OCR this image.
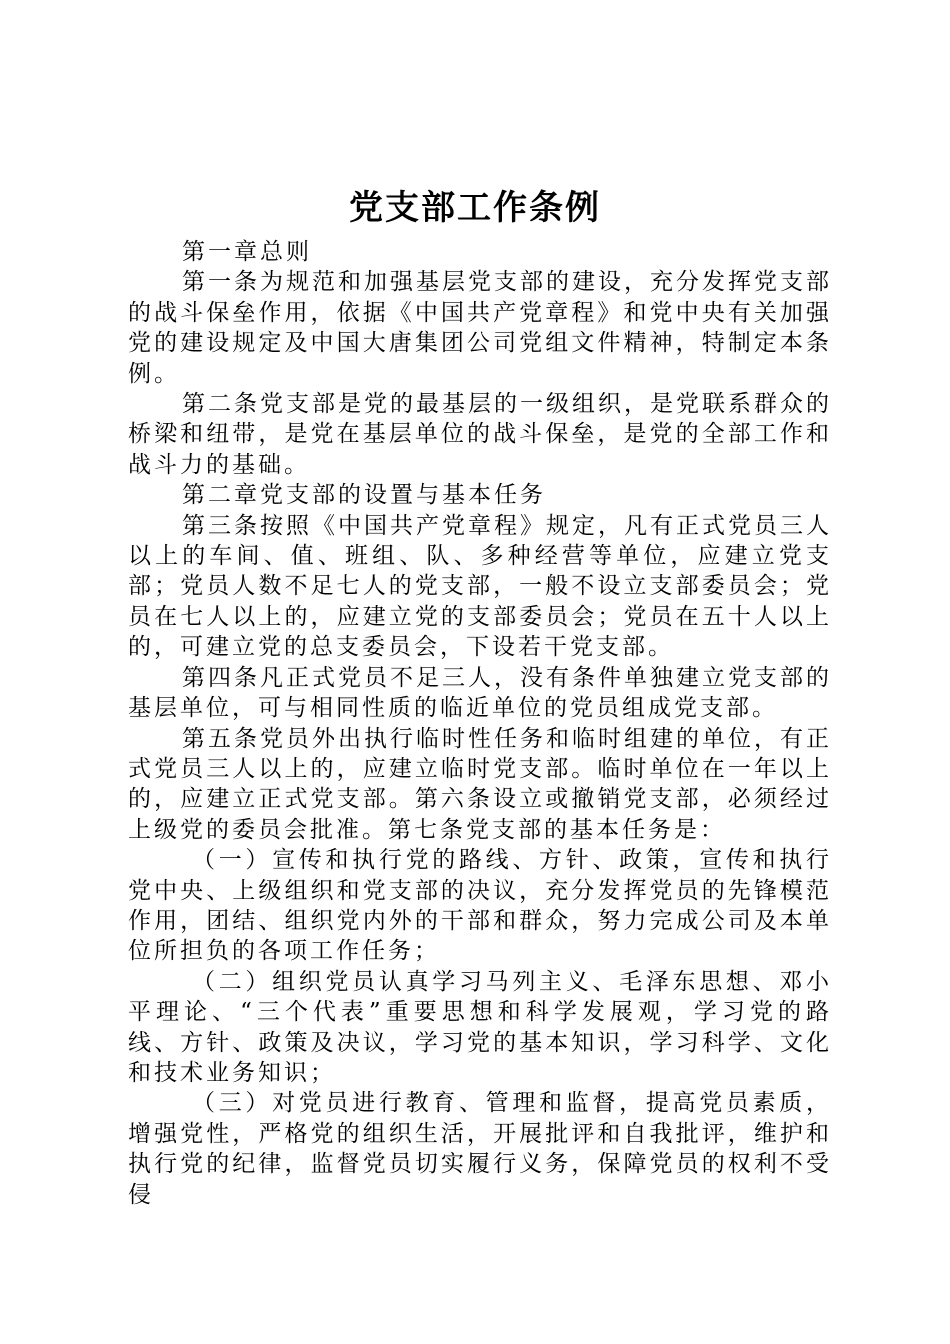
党支部工作条例

第一章总则

第一条为规范和加强基层党支部的建设，充分发挥党支部的战斗保垒作用，依据《中国共产党章程》和党中央有关加强党的建设规定及中国大唐集团公司党组文件精神，特制定本条例。

第二条党支部是党的最基层的一级组织，是党联系群众的桥梁和纽带，是党在基层单位的战斗保垒，是党的全部工作和战斗力的基础。

第二章党支部的设置与基本任务

第三条按照《中国共产党章程》规定，凡有正式党员三人以上的车间、值、班组、队、多种经营等单位，应建立党支部；党员人数不足七人的党支部，一般不设立支部委员会；党员在七人以上的，应建立党的支部委员会；党员在五十人以上的，可建立党的总支委员会，下设若干党支部。

第四条凡正式党员不足三人，没有条件单独建立党支部的基层单位，可与相同性质的临近单位的党员组成党支部。

第五条党员外出执行临时性任务和临时组建的单位，有正式党员三人以上的，应建立临时党支部。临时单位在一年以上的，应建立正式党支部。第六条设立或撤销党支部，必须经过上级党的委员会批准。第七条党支部的基本任务是：

（一）宣传和执行党的路线、方针、政策，宣传和执行党中央、上级组织和党支部的决议，充分发挥党员的先锋模范作用，团结、组织党内外的干部和群众，努力完成公司及本单位所担负的各项工作任务；

（二）组织党员认真学习马列主义、毛泽东思想、邓小平理论、“三个代表”重要思想和科学发展观，学习党的路线、方针、政策及决议，学习党的基本知识，学习科学、文化和技术业务知识；

（三）对党员进行教育、管理和监督，提高党员素质，增强党性，严格党的组织生活，开展批评和自我批评，维护和执行党的纪律，监督党员切实履行义务，保障党员的权利不受侵
